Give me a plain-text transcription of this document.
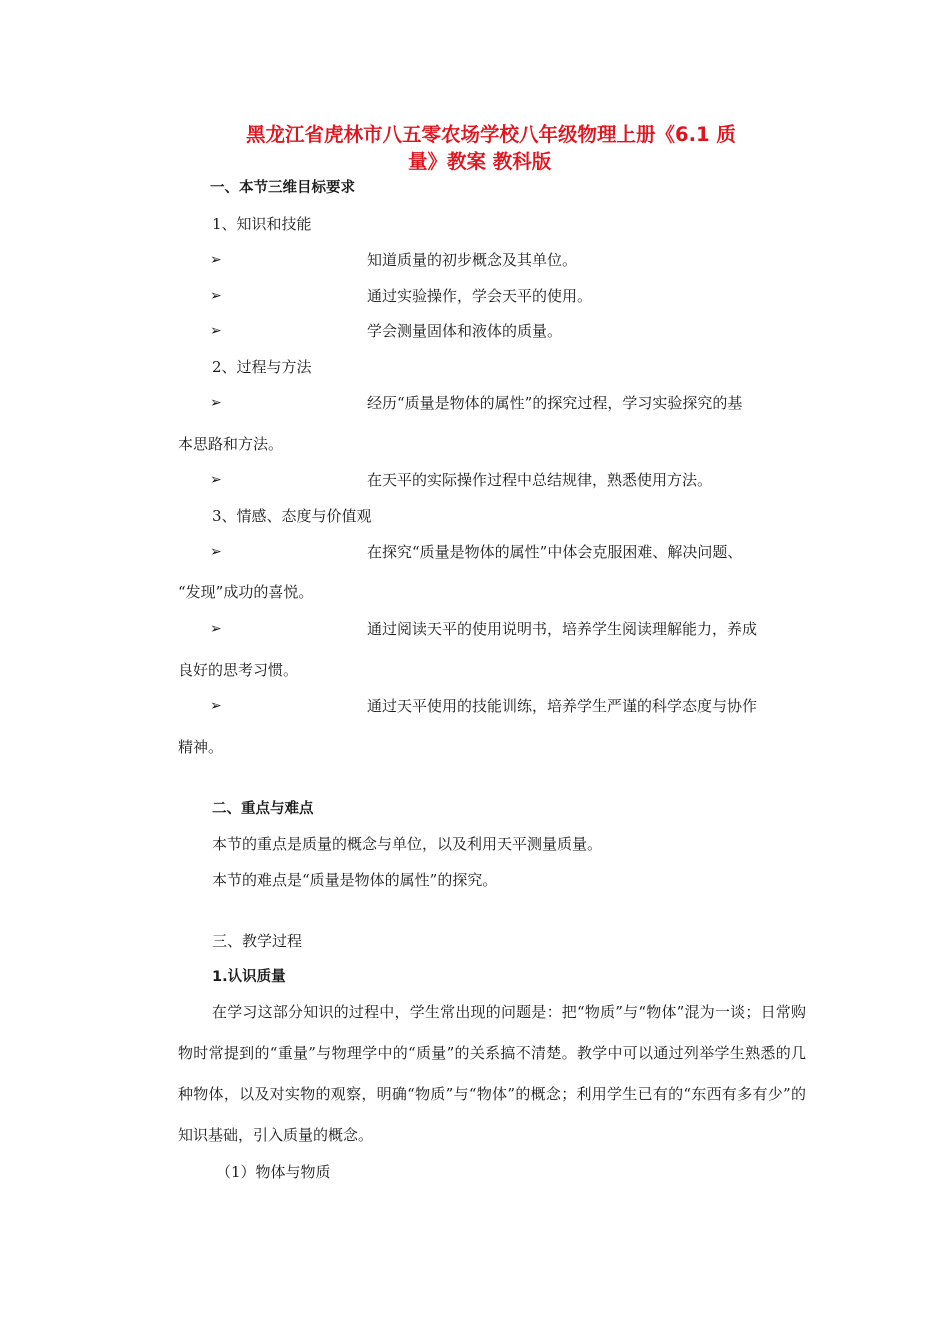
黑龙江省虎林市八五零农场学校八年级物理上册《6.1 质
量》教案 教科版
一、本节三维目标要求
1、知识和技能
➢	知道质量的初步概念及其单位。
➢	通过实验操作，学会天平的使用。
➢	学会测量固体和液体的质量。
2、过程与方法
➢	经历“质量是物体的属性”的探究过程，学习实验探究的基
本思路和方法。
➢	在天平的实际操作过程中总结规律，熟悉使用方法。
3、情感、态度与价值观
➢	在探究“质量是物体的属性”中体会克服困难、解决问题、
“发现”成功的喜悦。
➢	通过阅读天平的使用说明书，培养学生阅读理解能力，养成
良好的思考习惯。
➢	通过天平使用的技能训练，培养学生严谨的科学态度与协作
精神。
二、重点与难点
本节的重点是质量的概念与单位，以及利用天平测量质量。
本节的难点是“质量是物体的属性”的探究。
三、教学过程
1.认识质量
在学习这部分知识的过程中，学生常出现的问题是：把“物质”与“物体”混为一谈；日常购物时常提到的“重量”与物理学中的“质量”的关系搞不清楚。教学中可以通过列举学生熟悉的几种物体，以及对实物的观察，明确“物质”与“物体”的概念；利用学生已有的“东西有多有少”的知识基础，引入质量的概念。
（1）物体与物质
